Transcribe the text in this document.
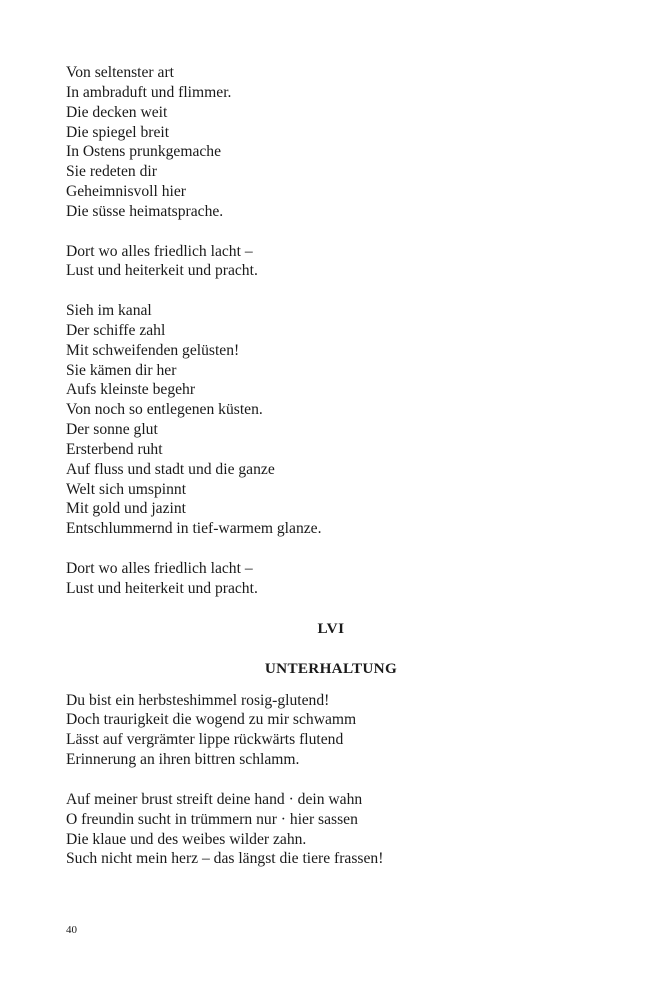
Von seltenster art
In ambraduft und flimmer.
Die decken weit
Die spiegel breit
In Ostens prunkgemache
Sie redeten dir
Geheimnisvoll hier
Die süsse heimatsprache.
Dort wo alles friedlich lacht –
Lust und heiterkeit und pracht.
Sieh im kanal
Der schiffe zahl
Mit schweifenden gelüsten!
Sie kämen dir her
Aufs kleinste begehr
Von noch so entlegenen küsten.
Der sonne glut
Ersterbend ruht
Auf fluss und stadt und die ganze
Welt sich umspinnt
Mit gold und jazint
Entschlummernd in tief-warmem glanze.
Dort wo alles friedlich lacht –
Lust und heiterkeit und pracht.
LVI
UNTERHALTUNG
Du bist ein herbsteshimmel rosig-glutend!
Doch traurigkeit die wogend zu mir schwamm
Lässt auf vergrämter lippe rückwärts flutend
Erinnerung an ihren bittren schlamm.
Auf meiner brust streift deine hand · dein wahn
O freundin sucht in trümmern nur · hier sassen
Die klaue und des weibes wilder zahn.
Such nicht mein herz – das längst die tiere frassen!
40
